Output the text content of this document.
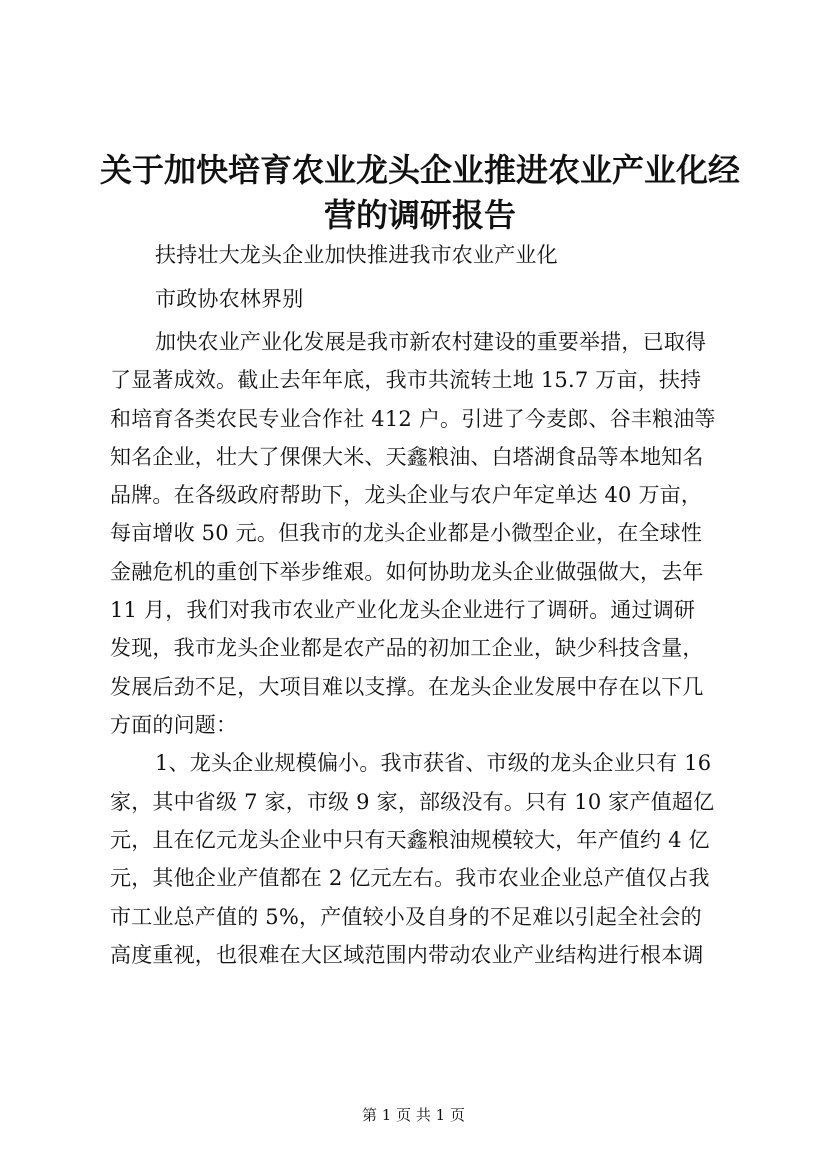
关于加快培育农业龙头企业推进农业产业化经
营的调研报告
扶持壮大龙头企业加快推进我市农业产业化
市政协农林界别
加快农业产业化发展是我市新农村建设的重要举措，已取得
了显著成效。截止去年年底，我市共流转土地 15.7 万亩，扶持
和培育各类农民专业合作社 412 户。引进了今麦郎、谷丰粮油等
知名企业，壮大了倮倮大米、天鑫粮油、白塔湖食品等本地知名
品牌。在各级政府帮助下，龙头企业与农户年定单达 40 万亩，
每亩增收 50 元。但我市的龙头企业都是小微型企业，在全球性
金融危机的重创下举步维艰。如何协助龙头企业做强做大，去年
11 月，我们对我市农业产业化龙头企业进行了调研。通过调研
发现，我市龙头企业都是农产品的初加工企业，缺少科技含量，
发展后劲不足，大项目难以支撑。在龙头企业发展中存在以下几
方面的问题：
1、龙头企业规模偏小。我市获省、市级的龙头企业只有 16
家，其中省级 7 家，市级 9 家，部级没有。只有 10 家产值超亿
元，且在亿元龙头企业中只有天鑫粮油规模较大，年产值约 4 亿
元，其他企业产值都在 2 亿元左右。我市农业企业总产值仅占我
市工业总产值的 5%，产值较小及自身的不足难以引起全社会的
高度重视，也很难在大区域范围内带动农业产业结构进行根本调
第 1 页 共 1 页
